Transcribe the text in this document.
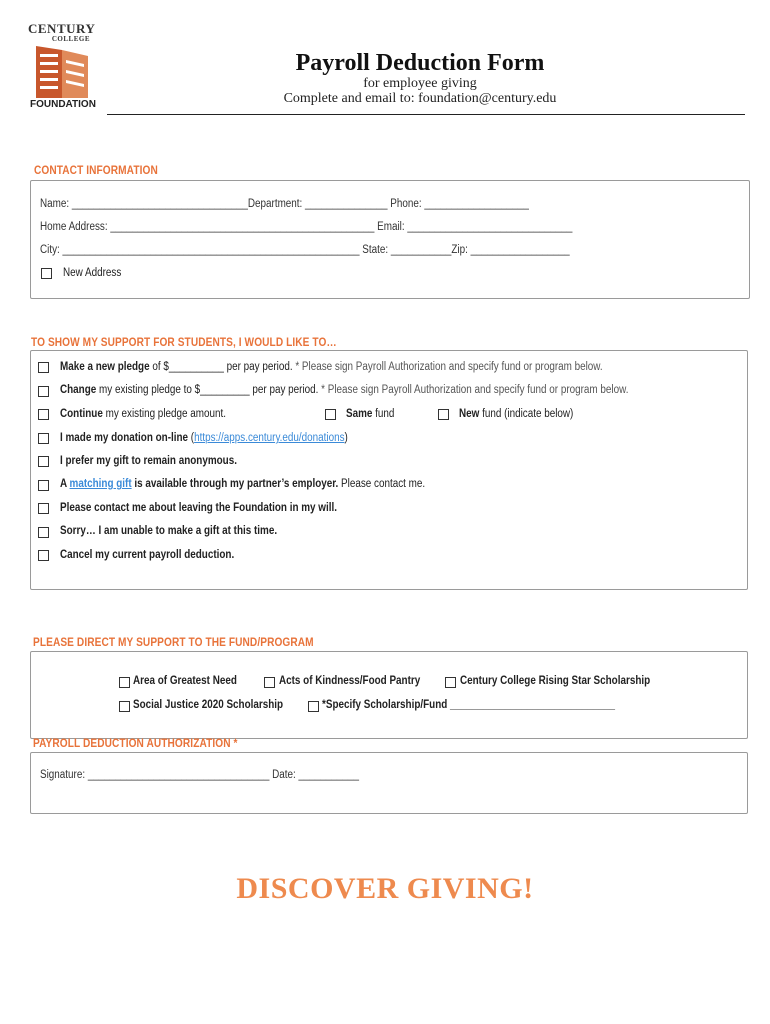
CENTURY
COLLEGE
FOUNDATION
Payroll Deduction Form
for employee giving
Complete and email to: foundation@century.edu
CONTACT INFORMATION
Name: ________________________________Department: _______________ Phone: ___________________
Home Address: ________________________________________________ Email: ______________________________
City: ______________________________________________________ State: ___________Zip: __________________
New Address
TO SHOW MY SUPPORT FOR STUDENTS, I WOULD LIKE TO…
Make a new pledge of $__________ per pay period. * Please sign Payroll Authorization and specify fund or program below.
Change my existing pledge to $_________ per pay period. * Please sign Payroll Authorization and specify fund or program below.
Continue my existing pledge amount.	Same fund	New fund (indicate below)
I made my donation on-line (https://apps.century.edu/donations)
I prefer my gift to remain anonymous.
A matching gift is available through my partner’s employer. Please contact me.
Please contact me about leaving the Foundation in my will.
Sorry… I am unable to make a gift at this time.
Cancel my current payroll deduction.
PLEASE DIRECT MY SUPPORT TO THE FUND/PROGRAM
Area of Greatest Need	Acts of Kindness/Food Pantry	Century College Rising Star Scholarship
Social Justice 2020 Scholarship	*Specify Scholarship/Fund ______________________________
PAYROLL DEDUCTION AUTHORIZATION *
Signature: _________________________________ Date: ___________
DISCOVER GIVING!
